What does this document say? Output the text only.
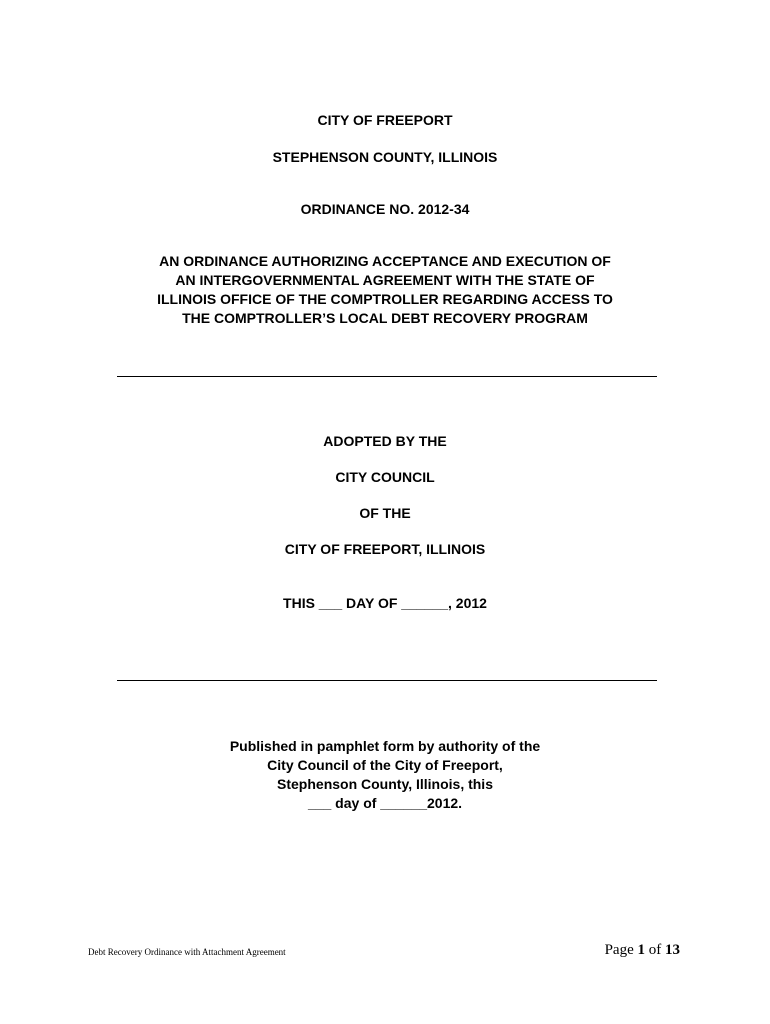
CITY OF FREEPORT
STEPHENSON COUNTY, ILLINOIS
ORDINANCE NO. 2012-34
AN ORDINANCE AUTHORIZING ACCEPTANCE AND EXECUTION OF
AN INTERGOVERNMENTAL AGREEMENT WITH THE STATE OF
ILLINOIS OFFICE OF THE COMPTROLLER REGARDING ACCESS TO
THE COMPTROLLER’S LOCAL DEBT RECOVERY PROGRAM
ADOPTED BY THE
CITY COUNCIL
OF THE
CITY OF FREEPORT, ILLINOIS
THIS ___ DAY OF ______, 2012
Published in pamphlet form by authority of the
City Council of the City of Freeport,
Stephenson County, Illinois, this
___ day of ______2012.
Debt Recovery Ordinance with Attachment Agreement	Page 1 of 13
